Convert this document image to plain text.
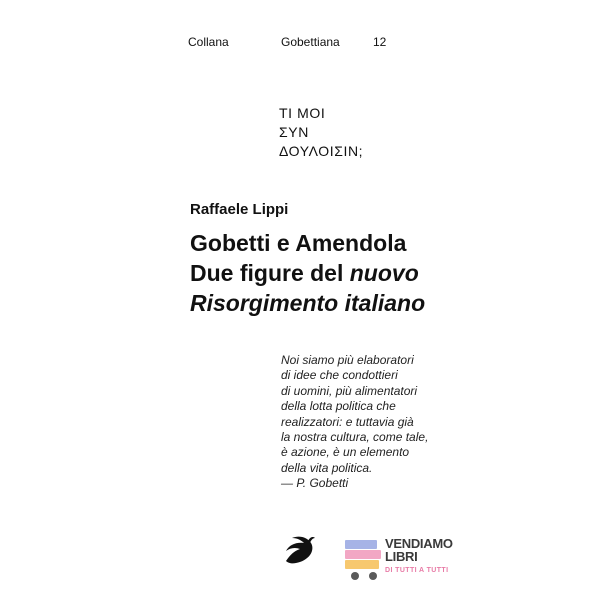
Collana	Gobettiana	12
ΤΙ ΜΟΙ
ΣΥΝ
ΔΟΥΛΟΙΣΙΝ;
Raffaele Lippi
Gobetti e Amendola
Due figure del nuovo
Risorgimento italiano
Noi siamo più elaboratori
di idee che condottieri
di uomini, più alimentatori
della lotta politica che
realizzatori: e tuttavia già
la nostra cultura, come tale,
è azione, è un elemento
della vita politica.
— P. Gobetti
VENDIAMO
LIBRI
DI TUTTI A TUTTI
